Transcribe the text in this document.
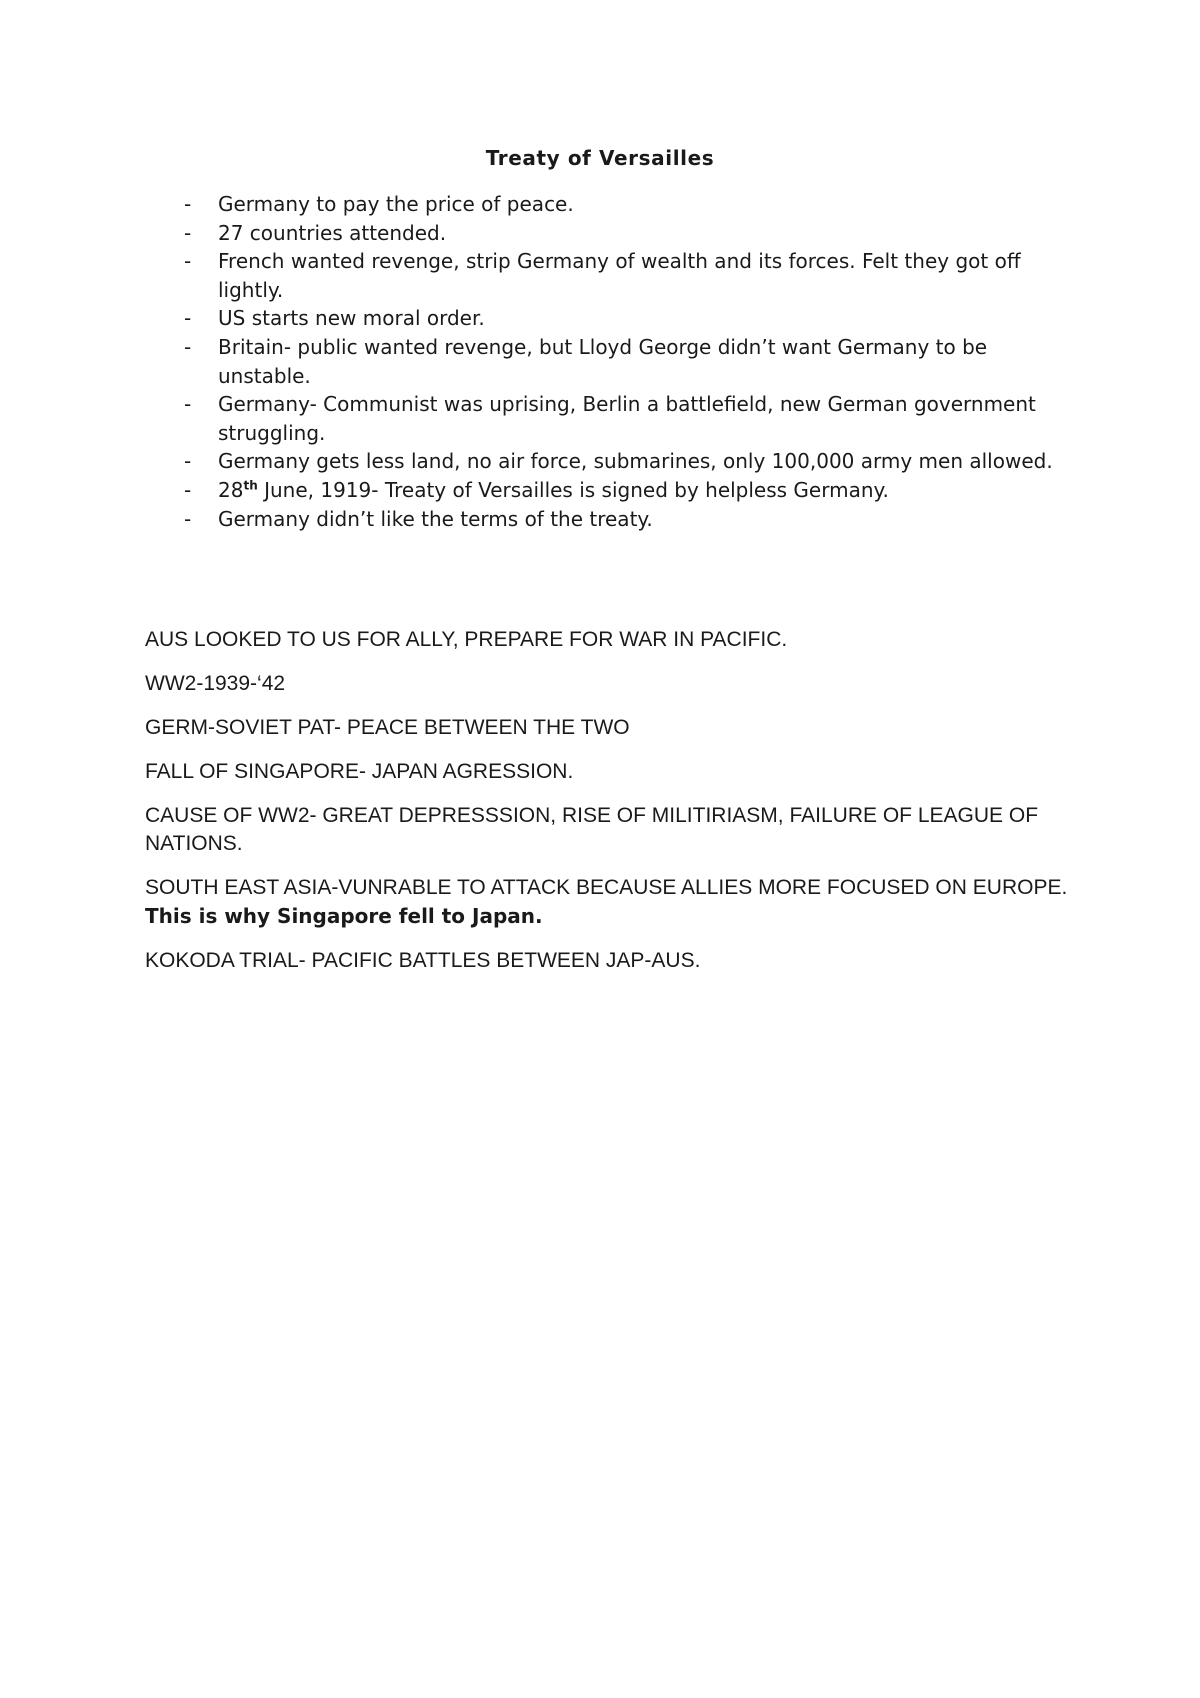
Treaty of Versailles
- Germany to pay the price of peace.
- 27 countries attended.
- French wanted revenge, strip Germany of wealth and its forces. Felt they got off lightly.
- US starts new moral order.
- Britain- public wanted revenge, but Lloyd George didn’t want Germany to be unstable.
- Germany- Communist was uprising, Berlin a battlefield, new German government struggling.
- Germany gets less land, no air force, submarines, only 100,000 army men allowed.
- 28th June, 1919- Treaty of Versailles is signed by helpless Germany.
- Germany didn’t like the terms of the treaty.

AUS LOOKED TO US FOR ALLY, PREPARE FOR WAR IN PACIFIC.

WW2-1939-‘42

GERM-SOVIET PAT- PEACE BETWEEN THE TWO

FALL OF SINGAPORE- JAPAN AGRESSION.

CAUSE OF WW2- GREAT DEPRESSSION, RISE OF MILITIRIASM, FAILURE OF LEAGUE OF NATIONS.

SOUTH EAST ASIA-VUNRABLE TO ATTACK BECAUSE ALLIES MORE FOCUSED ON EUROPE. This is why Singapore fell to Japan.

KOKODA TRIAL- PACIFIC BATTLES BETWEEN JAP-AUS.
